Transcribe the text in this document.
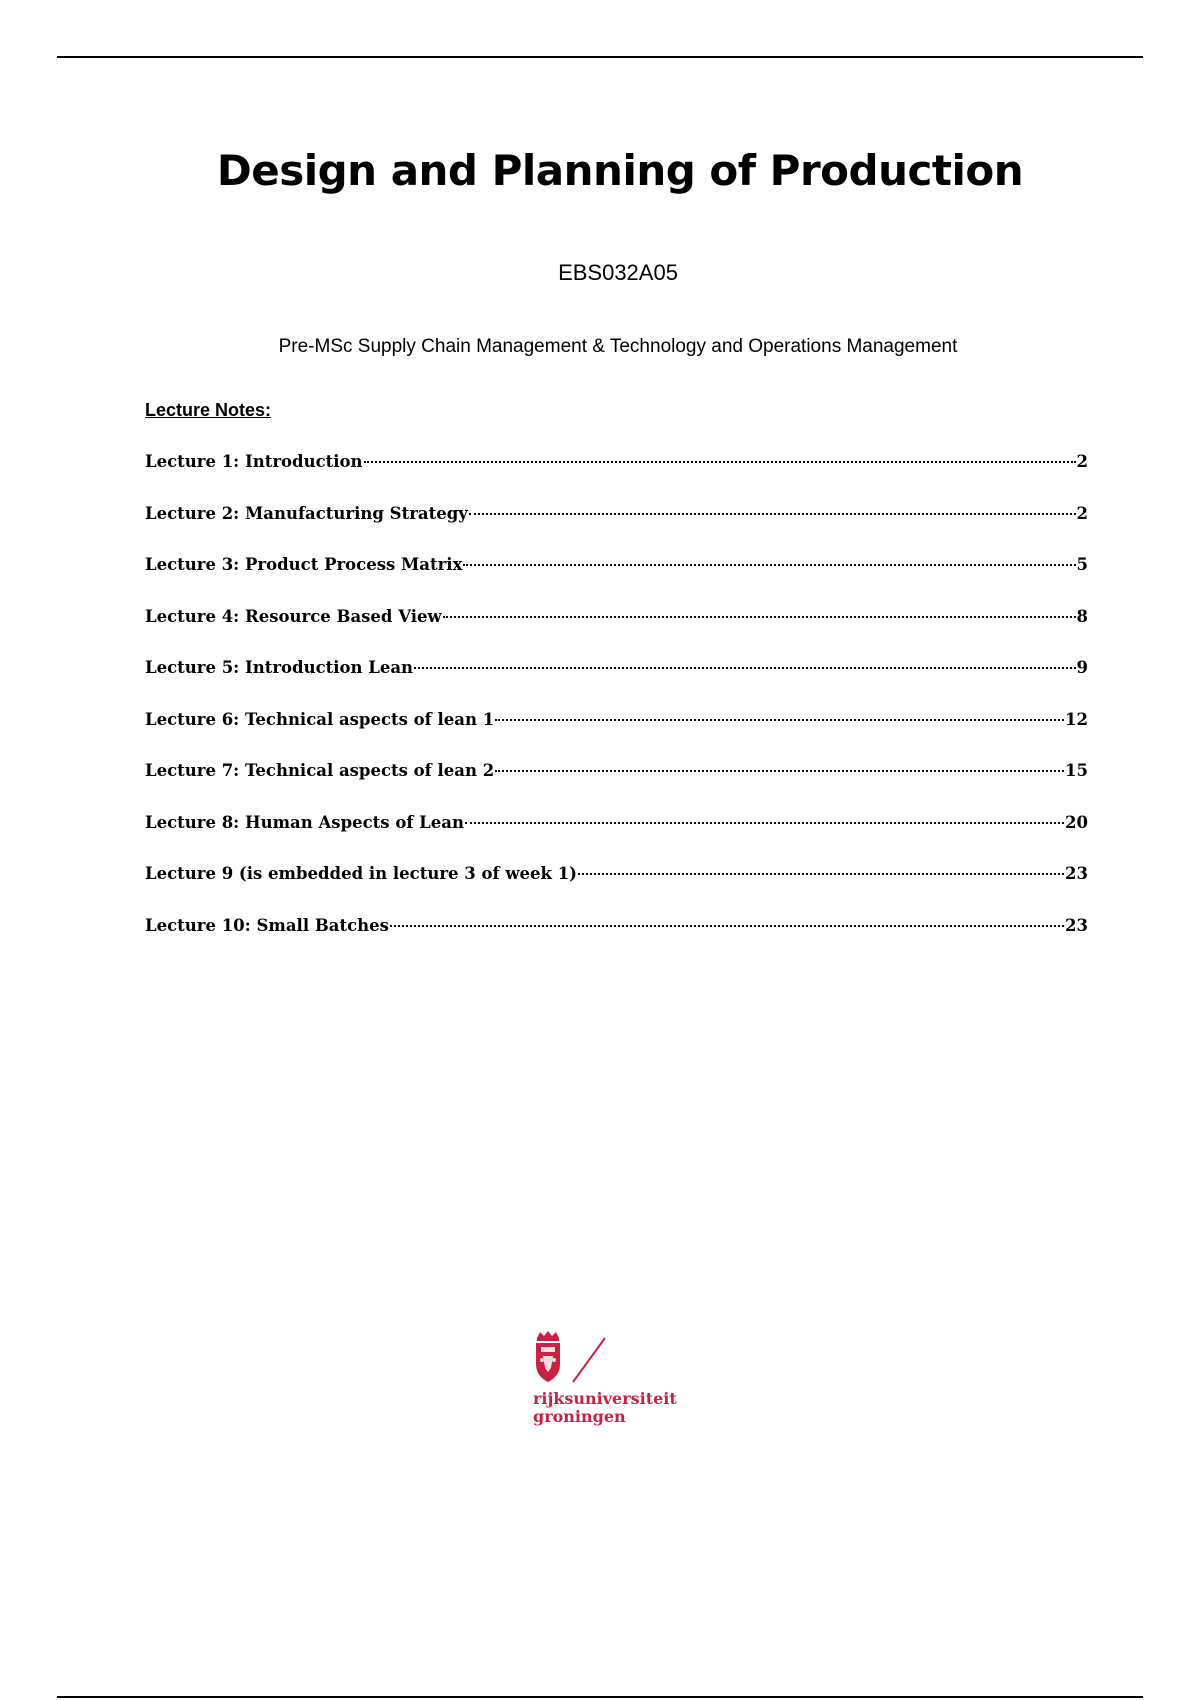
Design and Planning of Production
EBS032A05
Pre-MSc Supply Chain Management & Technology and Operations Management
Lecture Notes:
Lecture 1: Introduction	2
Lecture 2: Manufacturing Strategy	2
Lecture 3: Product Process Matrix	5
Lecture 4: Resource Based View	8
Lecture 5: Introduction Lean	9
Lecture 6: Technical aspects of lean 1	12
Lecture 7: Technical aspects of lean 2	15
Lecture 8: Human Aspects of Lean	20
Lecture 9 (is embedded in lecture 3 of week 1)	23
Lecture 10: Small Batches	23
rijksuniversiteit
groningen
